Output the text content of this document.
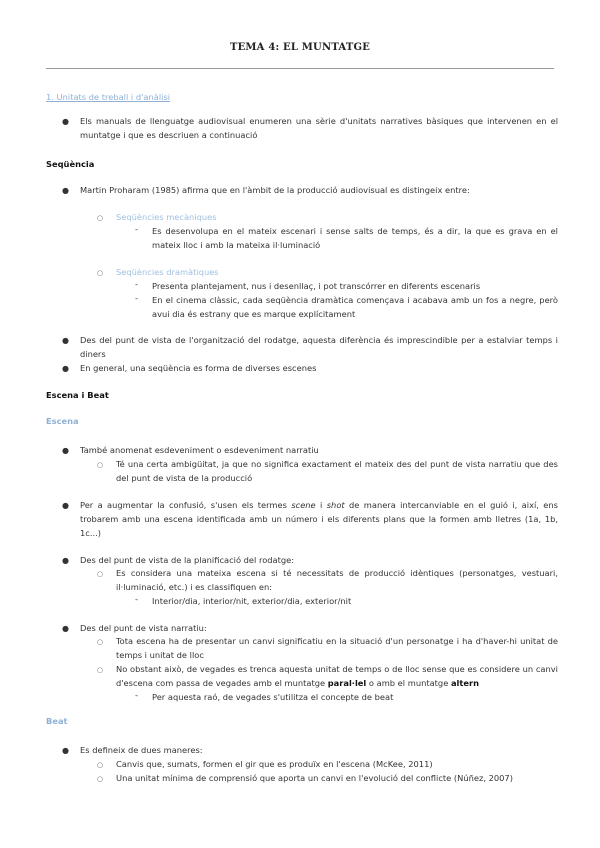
TEMA 4: EL MUNTATGE
1. Unitats de treball i d'anàlisi
● Els manuals de llenguatge audiovisual enumeren una sèrie d'unitats narratives bàsiques que intervenen en el muntatge i que es descriuen a continuació
Seqüència
● Martin Proharam (1985) afirma que en l'àmbit de la producció audiovisual es distingeix entre:
○ Seqüències mecàniques
- Es desenvolupa en el mateix escenari i sense salts de temps, és a dir, la que es grava en el mateix lloc i amb la mateixa il·luminació
○ Seqüències dramàtiques
- Presenta plantejament, nus i desenllaç, i pot transcórrer en diferents escenaris
- En el cinema clàssic, cada seqüència dramàtica començava i acabava amb un fos a negre, però avui dia és estrany que es marque explícitament
● Des del punt de vista de l'organització del rodatge, aquesta diferència és imprescindible per a estalviar temps i diners
● En general, una seqüència es forma de diverses escenes
Escena i Beat
Escena
● També anomenat esdeveniment o esdeveniment narratiu
○ Té una certa ambigüitat, ja que no significa exactament el mateix des del punt de vista narratiu que des del punt de vista de la producció
● Per a augmentar la confusió, s'usen els termes scene i shot de manera intercanviable en el guió i, així, ens trobarem amb una escena identificada amb un número i els diferents plans que la formen amb lletres (1a, 1b, 1c...)
● Des del punt de vista de la planificació del rodatge:
○ Es considera una mateixa escena si té necessitats de producció idèntiques (personatges, vestuari, il·luminació, etc.) i es classifiquen en:
- Interior/dia, interior/nit, exterior/dia, exterior/nit
● Des del punt de vista narratiu:
○ Tota escena ha de presentar un canvi significatiu en la situació d'un personatge i ha d'haver-hi unitat de temps i unitat de lloc
○ No obstant això, de vegades es trenca aquesta unitat de temps o de lloc sense que es considere un canvi d'escena com passa de vegades amb el muntatge paral·lel o amb el muntatge altern
- Per aquesta raó, de vegades s'utilitza el concepte de beat
Beat
● Es defineix de dues maneres:
○ Canvis que, sumats, formen el gir que es produïx en l'escena (McKee, 2011)
○ Una unitat mínima de comprensió que aporta un canvi en l'evolució del conflicte (Núñez, 2007)
